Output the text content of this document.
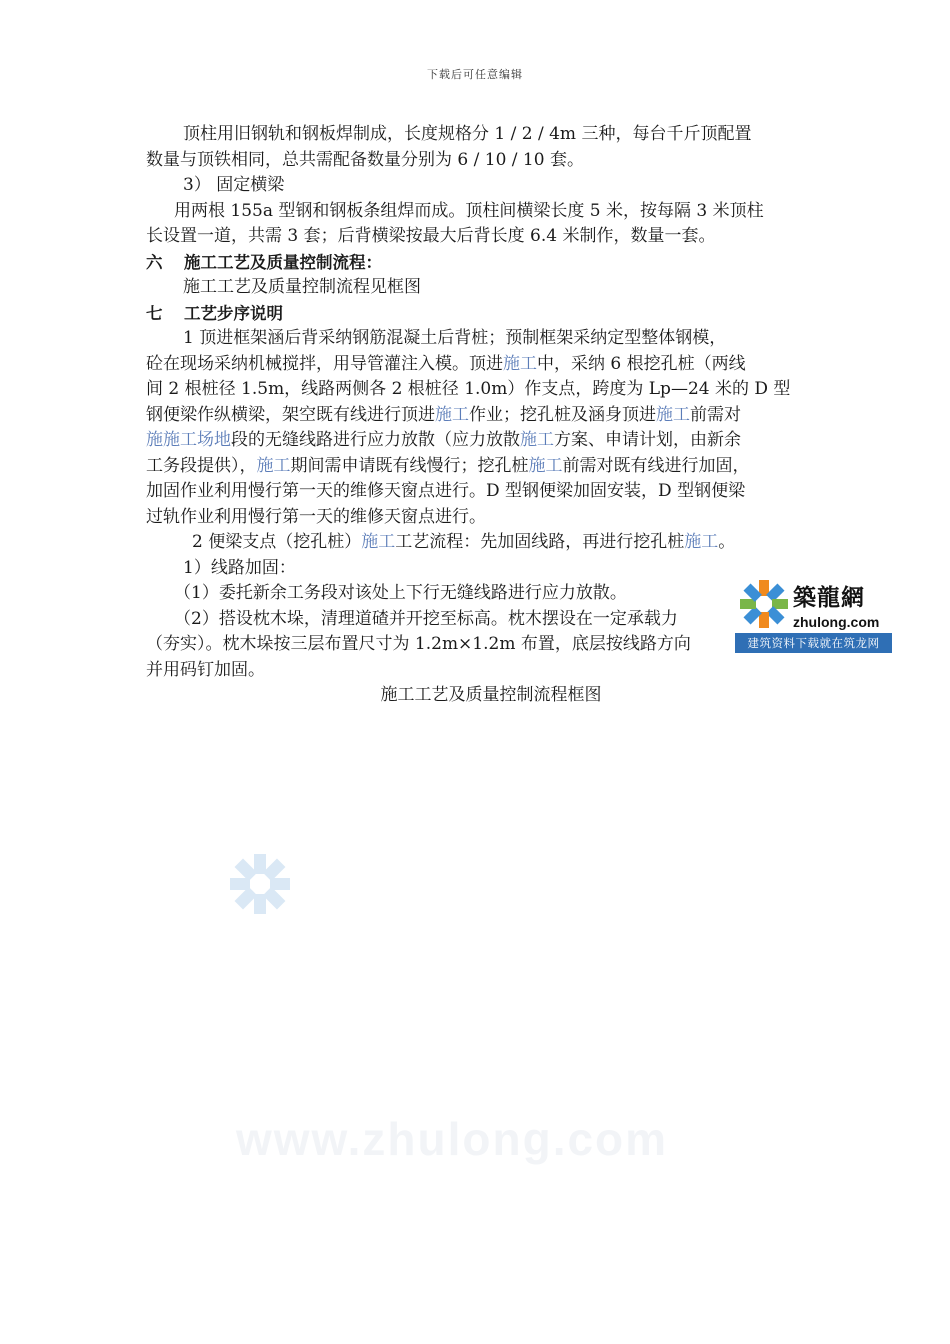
下载后可任意编辑
顶柱用旧钢轨和钢板焊制成，长度规格分 1 / 2 / 4m 三种，每台千斤顶配置
数量与顶铁相同，总共需配备数量分别为 6 / 10 / 10 套。
3） 固定横梁
用两根 155a 型钢和钢板条组焊而成。顶柱间横梁长度 5 米，按每隔 3 米顶柱
长设置一道，共需 3 套；后背横梁按最大后背长度 6.4 米制作，数量一套。
六 施工工艺及质量控制流程：
施工工艺及质量控制流程见框图
七 工艺步序说明
1 顶进框架涵后背采纳钢筋混凝土后背桩；预制框架采纳定型整体钢模，
砼在现场采纳机械搅拌，用导管灌注入模。顶进施工中，采纳 6 根挖孔桩（两线
间 2 根桩径 1.5m，线路两侧各 2 根桩径 1.0m）作支点，跨度为 Lp—24 米的 D 型
钢便梁作纵横梁，架空既有线进行顶进施工作业；挖孔桩及涵身顶进施工前需对
施施工场地段的无缝线路进行应力放散（应力放散施工方案、申请计划，由新余
工务段提供），施工期间需申请既有线慢行；挖孔桩施工前需对既有线进行加固，
加固作业利用慢行第一天的维修天窗点进行。D 型钢便梁加固安装，D 型钢便梁
过轨作业利用慢行第一天的维修天窗点进行。
2 便梁支点（挖孔桩）施工工艺流程：先加固线路，再进行挖孔桩施工。
1）线路加固：
（1）委托新余工务段对该处上下行无缝线路进行应力放散。
（2）搭设枕木垛，清理道碴并开挖至标高。枕木摆设在一定承载力
（夯实）。枕木垛按三层布置尺寸为 1.2m×1.2m 布置，底层按线路方向
并用码钉加固。
施工工艺及质量控制流程框图
築龍網
zhulong.com
建筑资料下载就在筑龙网
www.zhulong.com
